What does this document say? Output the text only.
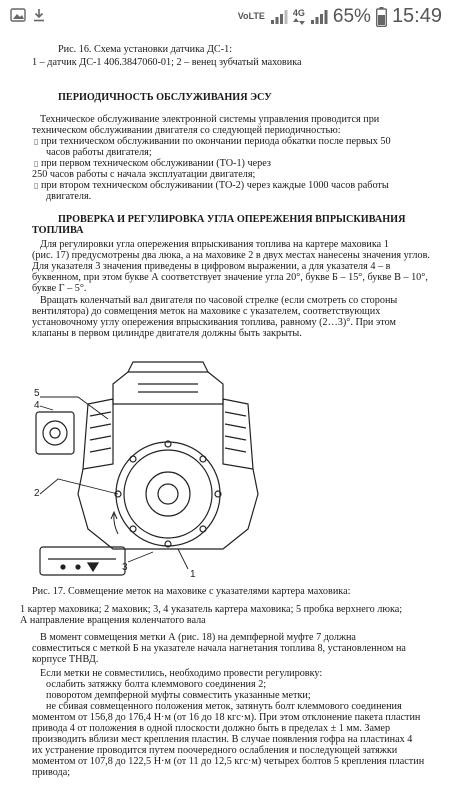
VoLTE	4G 65% 15:49
Рис. 16. Схема установки датчика ДС-1:
1 – датчик ДС-1 406.3847060-01; 2 – венец зубчатый маховика
ПЕРИОДИЧНОСТЬ ОБСЛУЖИВАНИЯ ЭСУ
Техническое обслуживание электронной системы управления проводится при
техническом обслуживании двигателя со следующей периодичностью:
▯ при техническом обслуживании по окончании периода обкатки после первых 50
часов работы двигателя;
▯ при первом техническом обслуживании (ТО-1) через
250 часов работы с начала эксплуатации двигателя;
▯ при втором техническом обслуживании (ТО-2) через каждые 1000 часов работы
двигателя.
ПРОВЕРКА И РЕГУЛИРОВКА УГЛА ОПЕРЕЖЕНИЯ ВПРЫСКИВАНИЯ
ТОПЛИВА
Для регулировки угла опережения впрыскивания топлива на картере маховика 1
(рис. 17) предусмотрены два люка, а на маховике 2 в двух местах нанесены значения углов.
Для указателя 3 значения приведены в цифровом выражении, а для указателя 4 – в
буквенном, при этом букве А соответствует значение угла 20°, букве Б – 15°, букве В – 10°,
букве Г – 5°.
Вращать коленчатый вал двигателя по часовой стрелке (если смотреть со стороны
вентилятора) до совмещения меток на маховике с указателем, соответствующих
установочному углу опережения впрыскивания топлива, равному (2…3)°. При этом
клапаны в первом цилиндре двигателя должны быть закрыты.
5
4
2
3
1
Рис. 17. Совмещение меток на маховике с указателями картера маховика:
1 картер маховика; 2 маховик; 3, 4 указатель картера маховика; 5 пробка верхнего люка;
А направление вращения коленчатого вала
В момент совмещения метки А (рис. 18) на демпферной муфте 7 должна
совместиться с меткой Б на указателе начала нагнетания топлива 8, установленном на
корпусе ТНВД.
Если метки не совместились, необходимо провести регулировку:
ослабить затяжку болта клеммового соединения 2;
повоpотом демпферной муфты совместить указанные метки;
не сбивая совмещенного положения меток, затянуть болт клеммового соединения
моментом от 156,8 до 176,4 Н·м (от 16 до 18 кгс·м). При этом отклонение пакета пластин
привода 4 от положения в одной плоскости должно быть в пределах ± 1 мм. Замер
производить вблизи мест крепления пластин. В случае появления гофра на пластинах 4
их устранение проводится путем поочередного ослабления и последующей затяжки
моментом от 107,8 до 122,5 Н·м (от 11 до 12,5 кгс·м) четырех болтов 5 крепления пластин
привода;
